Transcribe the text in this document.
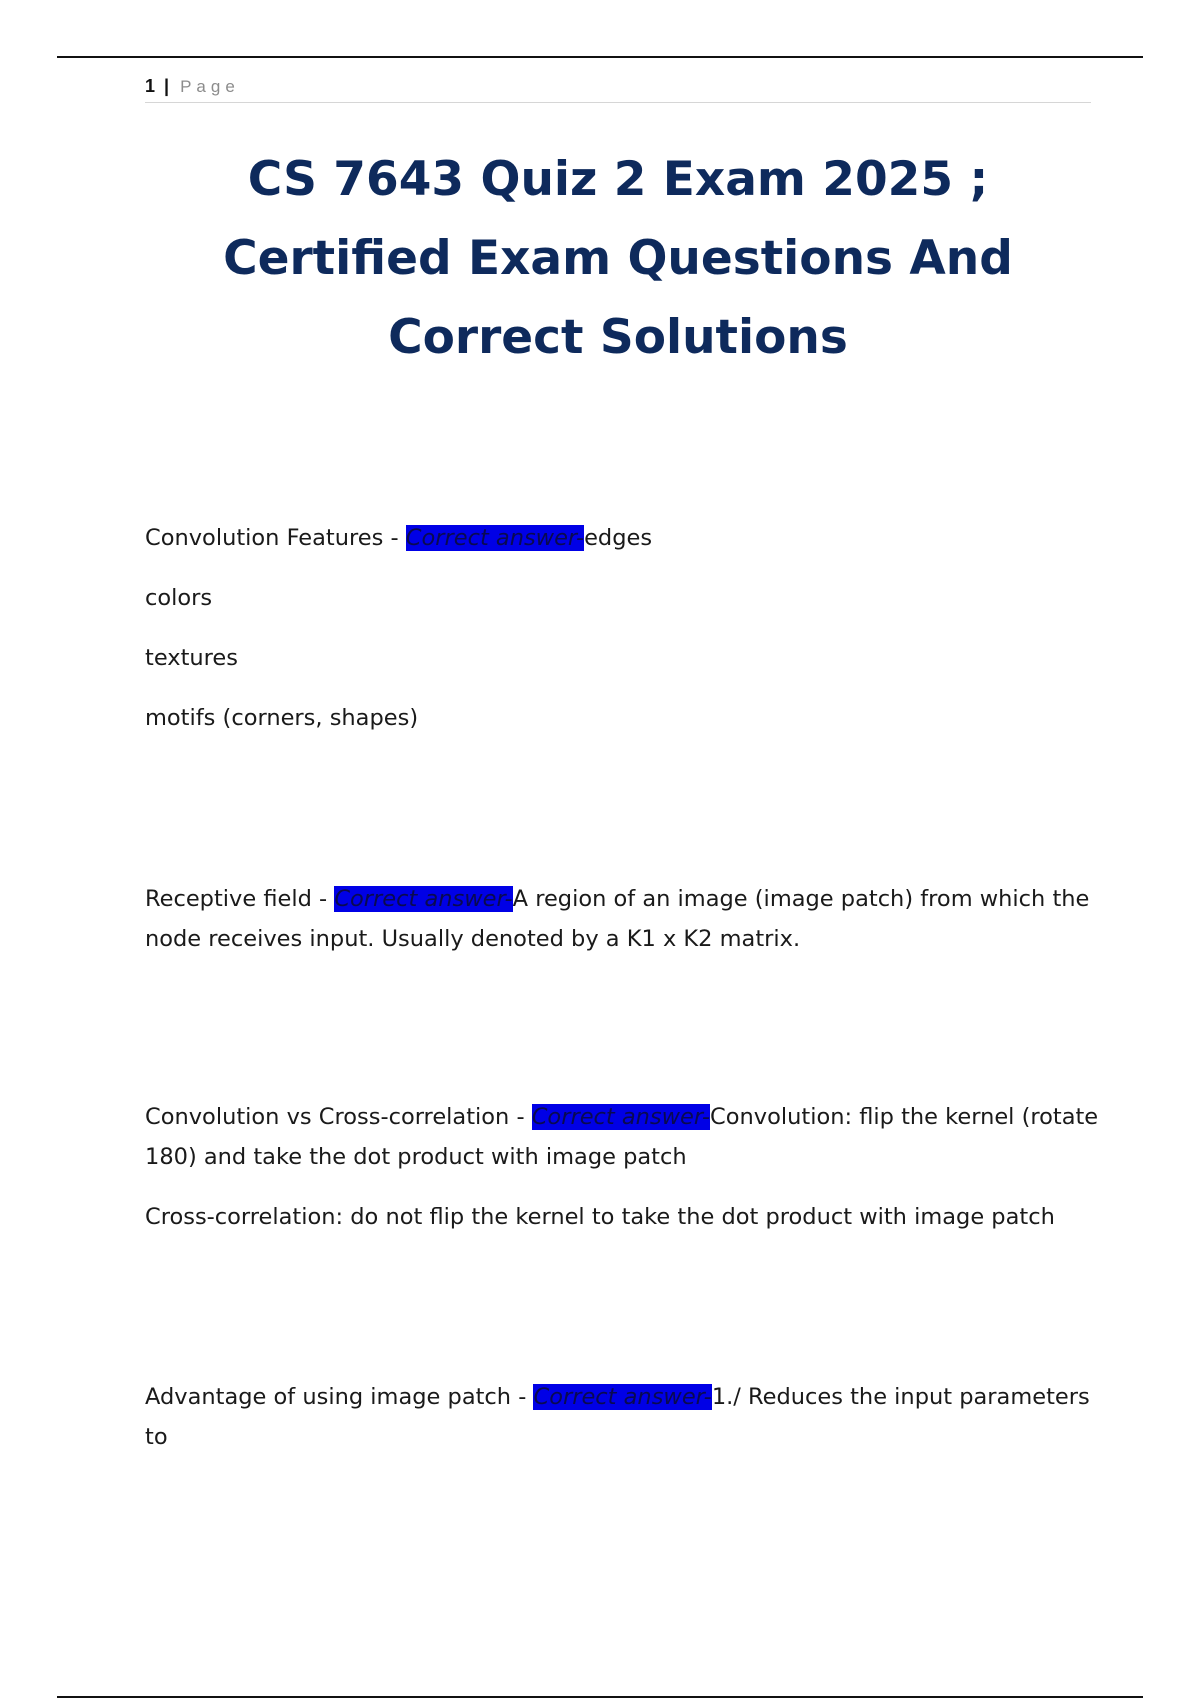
1 | Page
CS 7643 Quiz 2 Exam 2025 ;
Certified Exam Questions And
Correct Solutions

Convolution Features - Correct answer-edges

colors

textures

motifs (corners, shapes)

Receptive field - Correct answer-A region of an image (image patch) from which the node receives input. Usually denoted by a K1 x K2 matrix.

Convolution vs Cross-correlation - Correct answer-Convolution: flip the kernel (rotate 180) and take the dot product with image patch

Cross-correlation: do not flip the kernel to take the dot product with image patch

Advantage of using image patch - Correct answer-1./ Reduces the input parameters to
